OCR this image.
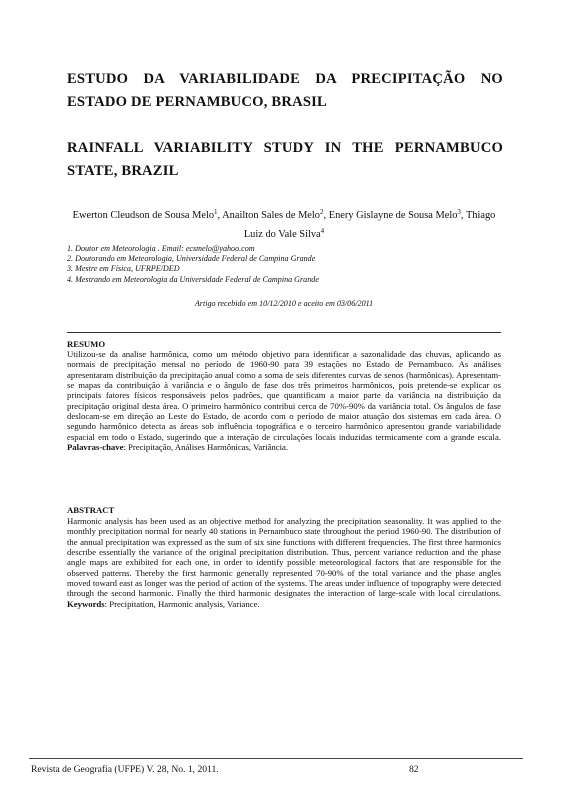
ESTUDO DA VARIABILIDADE DA PRECIPITAÇÃO NO ESTADO DE PERNAMBUCO, BRASIL
RAINFALL VARIABILITY STUDY IN THE PERNAMBUCO STATE, BRAZIL
Ewerton Cleudson de Sousa Melo$^1$, Anailton Sales de Melo$^2$, Enery Gislayne de Sousa Melo$^3$, Thiago Luiz do Vale Silva$^4$
1. Doutor em Meteorologia . Email: ecsmelo@yahoo.com
2. Doutorando em Meteorologia, Universidade Federal de Campina Grande
3. Mestre em Física, UFRPE/DED
4. Mestrando em Meteorologia da Universidade Federal de Campina Grande
Artigo recebido em 10/12/2010 e aceito em 03/06/2011
RESUMO
Utilizou-se da analise harmônica, como um método objetivo para identificar a sazonalidade das chuvas, aplicando as normais de precipitação mensal no período de 1960-90 para 39 estações no Estado de Pernambuco. As análises apresentaram distribuição da precipitação anual como a soma de seis diferentes curvas de senos (harmônicas). Apresentam-se mapas da contribuição à variância e o ângulo de fase dos três primeiros harmônicos, pois pretende-se explicar os principais fatores físicos responsáveis pelos padrões, que quantificam a maior parte da variância na distribuição da precipitação original desta área. O primeiro harmônico contribui cerca de 70%-90% da variância total. Os ângulos de fase deslocam-se em direção ao Leste do Estado, de acordo com o período de maior atuação dos sistemas em cada área. O segundo harmônico detecta as áreas sob influência topográfica e o terceiro harmônico apresentou grande variabilidade espacial em todo o Estado, sugerindo que a interação de circulações locais induzidas termicamente com a grande escala. Palavras-chave: Precipitação, Análises Harmônicas, Variância.
ABSTRACT
Harmonic analysis has been used as an objective method for analyzing the precipitation seasonality. It was applied to the monthly precipitation normal for nearly 40 stations in Pernambuco state throughout the period 1960-90. The distribution of the annual precipitation was expressed as the sum of six sine functions with different frequencies. The first three harmonics describe essentially the variance of the original precipitation distribution. Thus, percent variance reduction and the phase angle maps are exhibited for each one, in order to identify possible meteorological factors that are responsible for the observed patterns. Thereby the first harmonic generally represented 70-90% of the total variance and the phase angles moved toward east as longer was the period of action of the systems. The areas under influence of topography were detected through the second harmonic. Finally the third harmonic designates the interaction of large-scale with local circulations. Keywords: Precipitation, Harmonic analysis, Variance.
Revista de Geografia (UFPE) V. 28, No. 1, 2011.	82
